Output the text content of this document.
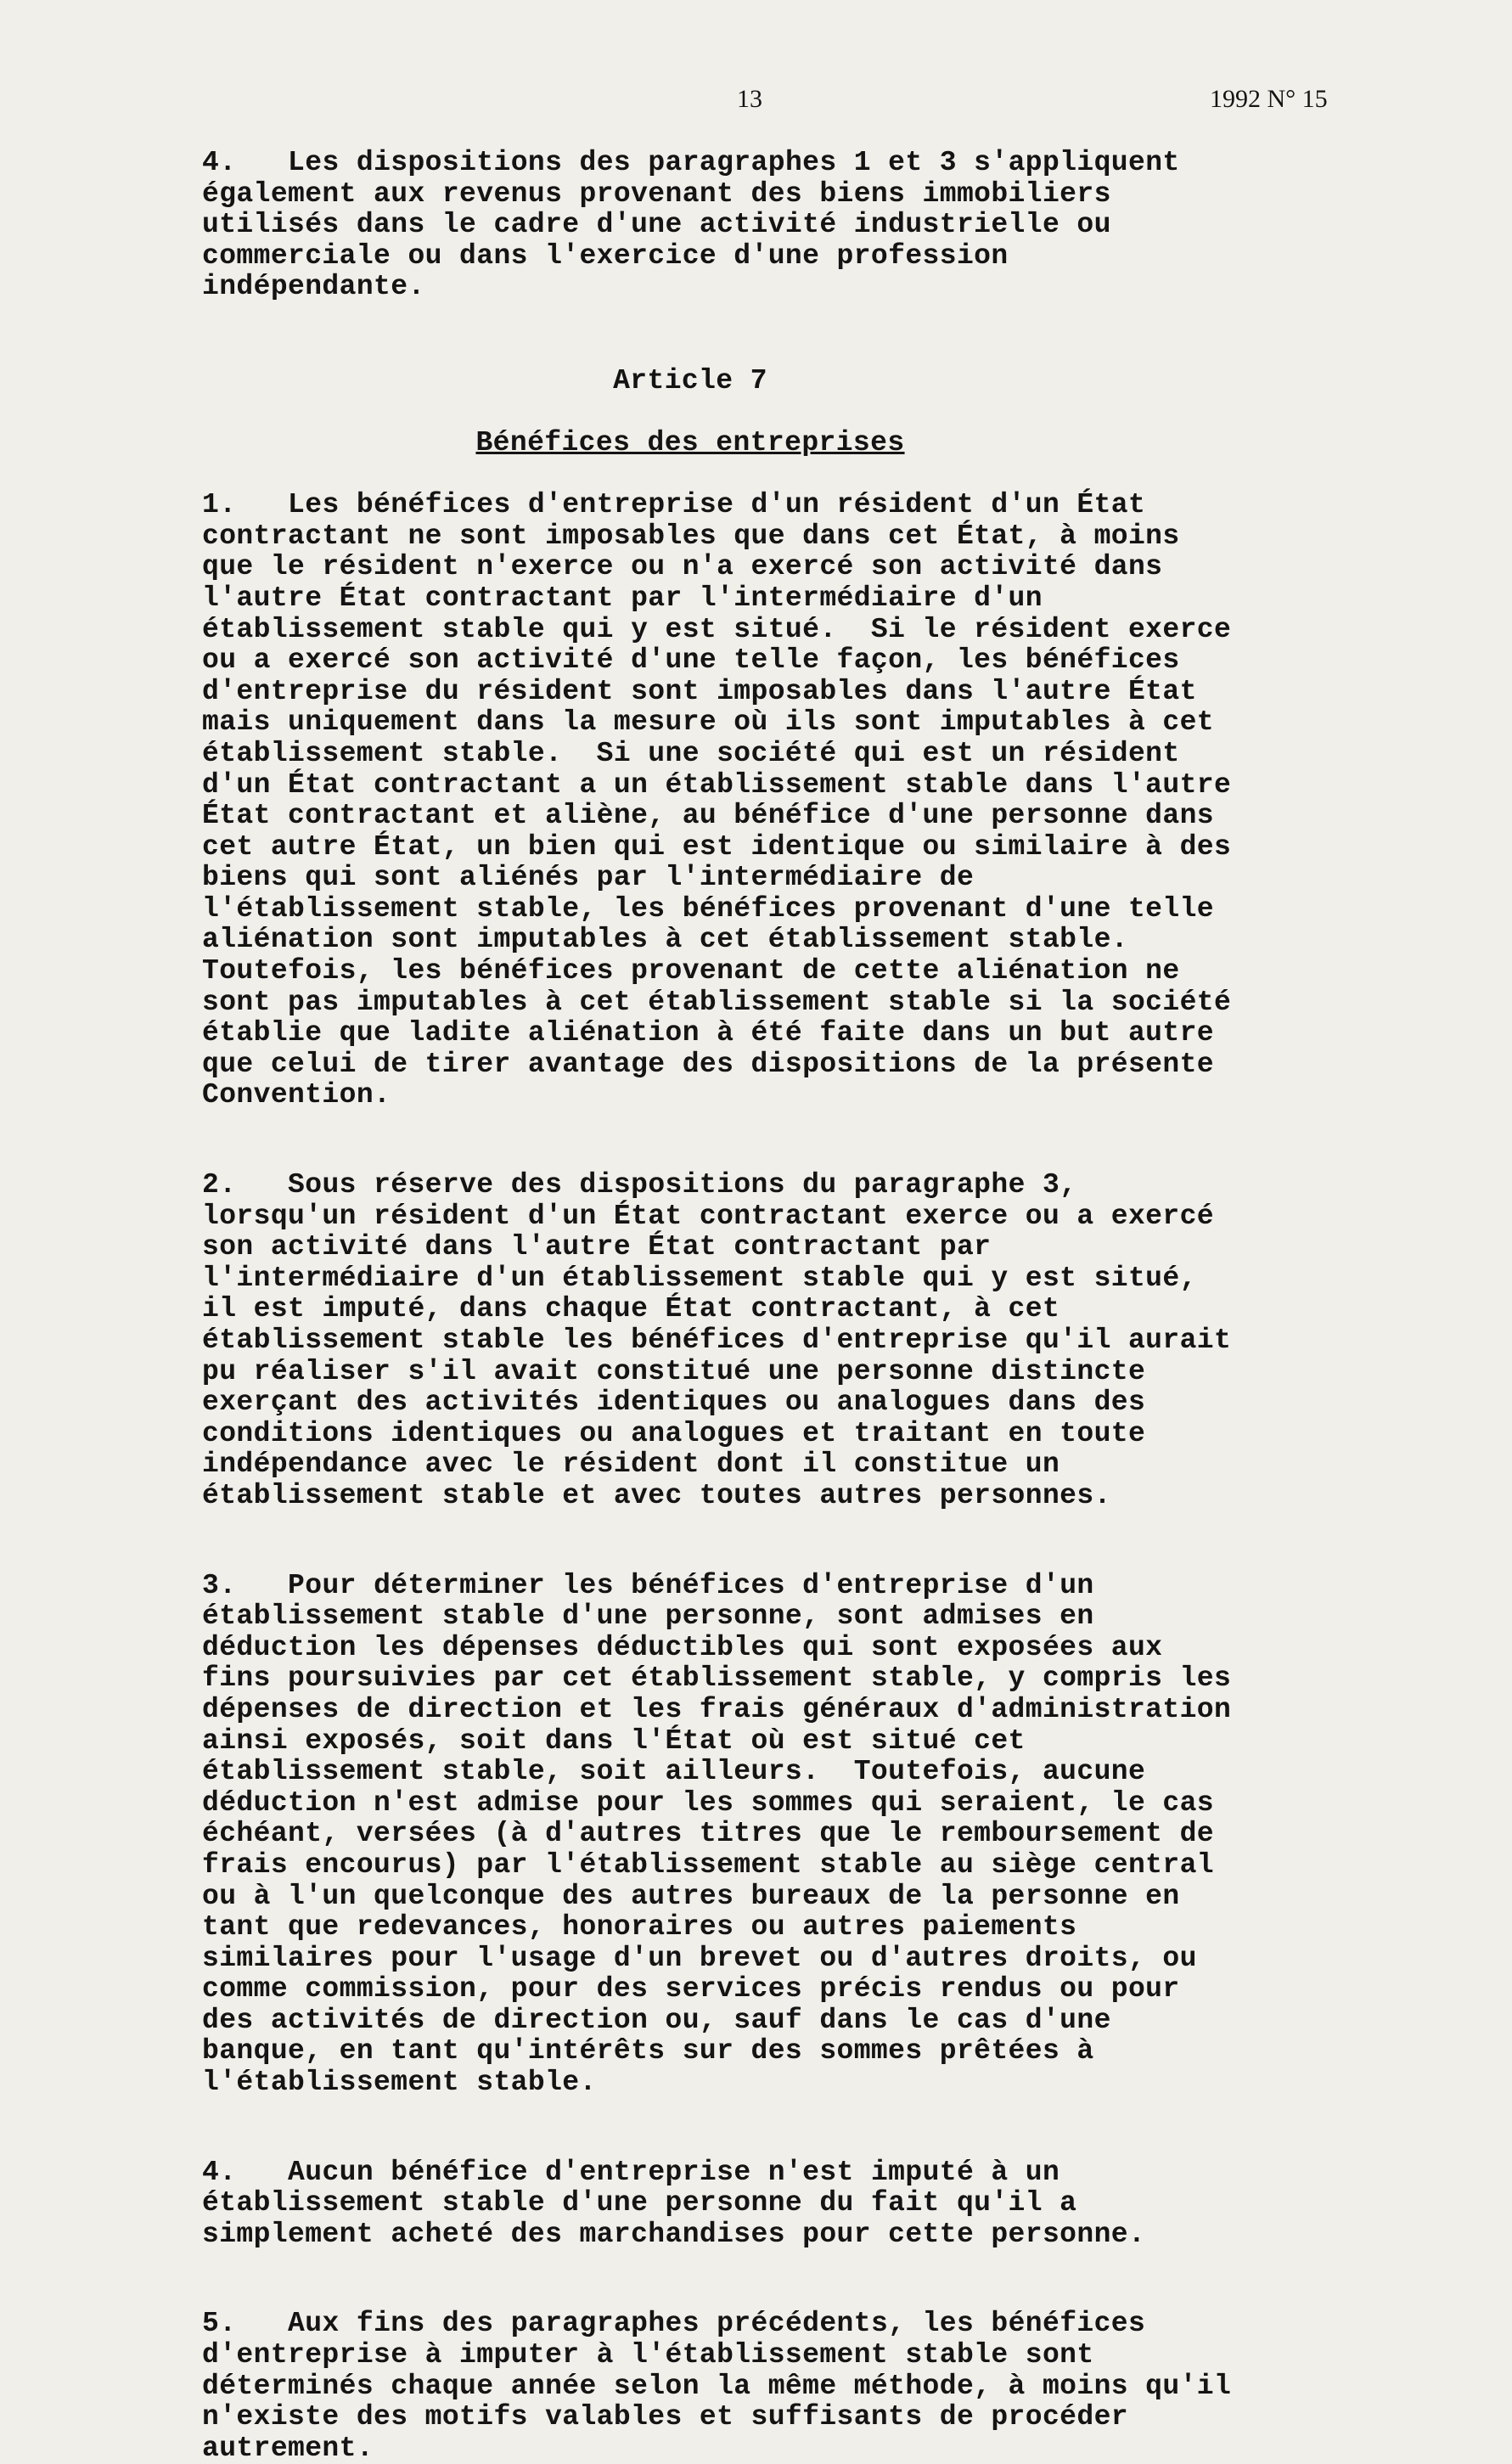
13	1992 N° 15
4. Les dispositions des paragraphes 1 et 3 s'appliquent
également aux revenus provenant des biens immobiliers
utilisés dans le cadre d'une activité industrielle ou
commerciale ou dans l'exercice d'une profession
indépendante.
Article 7
Bénéfices des entreprises
1. Les bénéfices d'entreprise d'un résident d'un État
contractant ne sont imposables que dans cet État, à moins
que le résident n'exerce ou n'a exercé son activité dans
l'autre État contractant par l'intermédiaire d'un
établissement stable qui y est situé.  Si le résident exerce
ou a exercé son activité d'une telle façon, les bénéfices
d'entreprise du résident sont imposables dans l'autre État
mais uniquement dans la mesure où ils sont imputables à cet
établissement stable.  Si une société qui est un résident
d'un État contractant a un établissement stable dans l'autre
État contractant et aliène, au bénéfice d'une personne dans
cet autre État, un bien qui est identique ou similaire à des
biens qui sont aliénés par l'intermédiaire de
l'établissement stable, les bénéfices provenant d'une telle
aliénation sont imputables à cet établissement stable.
Toutefois, les bénéfices provenant de cette aliénation ne
sont pas imputables à cet établissement stable si la société
établie que ladite aliénation à été faite dans un but autre
que celui de tirer avantage des dispositions de la présente
Convention.
2. Sous réserve des dispositions du paragraphe 3,
lorsqu'un résident d'un État contractant exerce ou a exercé
son activité dans l'autre État contractant par
l'intermédiaire d'un établissement stable qui y est situé,
il est imputé, dans chaque État contractant, à cet
établissement stable les bénéfices d'entreprise qu'il aurait
pu réaliser s'il avait constitué une personne distincte
exerçant des activités identiques ou analogues dans des
conditions identiques ou analogues et traitant en toute
indépendance avec le résident dont il constitue un
établissement stable et avec toutes autres personnes.
3. Pour déterminer les bénéfices d'entreprise d'un
établissement stable d'une personne, sont admises en
déduction les dépenses déductibles qui sont exposées aux
fins poursuivies par cet établissement stable, y compris les
dépenses de direction et les frais généraux d'administration
ainsi exposés, soit dans l'État où est situé cet
établissement stable, soit ailleurs.  Toutefois, aucune
déduction n'est admise pour les sommes qui seraient, le cas
échéant, versées (à d'autres titres que le remboursement de
frais encourus) par l'établissement stable au siège central
ou à l'un quelconque des autres bureaux de la personne en
tant que redevances, honoraires ou autres paiements
similaires pour l'usage d'un brevet ou d'autres droits, ou
comme commission, pour des services précis rendus ou pour
des activités de direction ou, sauf dans le cas d'une
banque, en tant qu'intérêts sur des sommes prêtées à
l'établissement stable.
4. Aucun bénéfice d'entreprise n'est imputé à un
établissement stable d'une personne du fait qu'il a
simplement acheté des marchandises pour cette personne.
5. Aux fins des paragraphes précédents, les bénéfices
d'entreprise à imputer à l'établissement stable sont
déterminés chaque année selon la même méthode, à moins qu'il
n'existe des motifs valables et suffisants de procéder
autrement.
